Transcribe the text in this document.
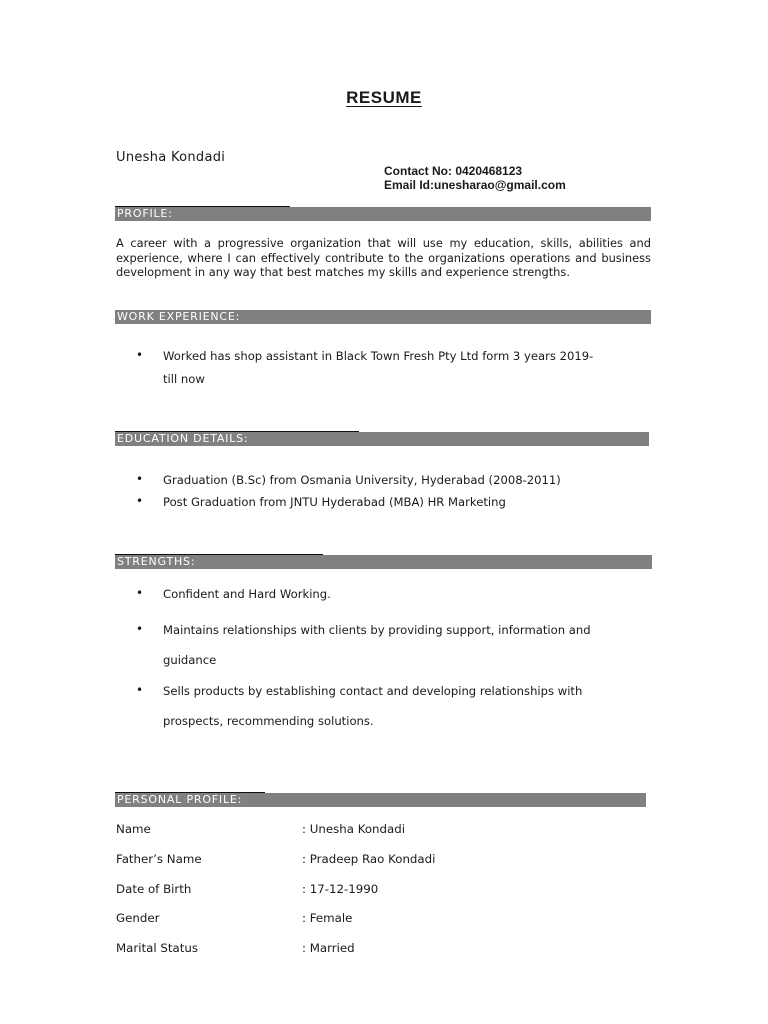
RESUME
Unesha Kondadi
Contact No: 0420468123
Email Id:unesharao@gmail.com
PROFILE:
A career with a progressive organization that will use my education, skills, abilities and experience, where I can effectively contribute to the organizations operations and business development in any way that best matches my skills and experience strengths.
WORK EXPERIENCE:
• Worked has shop assistant in Black Town Fresh Pty Ltd form 3 years 2019-
till now
EDUCATION DETAILS:
• Graduation (B.Sc) from Osmania University, Hyderabad (2008-2011)
• Post Graduation from JNTU Hyderabad (MBA) HR Marketing
STRENGTHS:
• Confident and Hard Working.
• Maintains relationships with clients by providing support, information and
guidance
• Sells products by establishing contact and developing relationships with
prospects, recommending solutions.
PERSONAL PROFILE:
Name	: Unesha Kondadi
Father’s Name	: Pradeep Rao Kondadi
Date of Birth	: 17-12-1990
Gender	: Female
Marital Status	: Married
